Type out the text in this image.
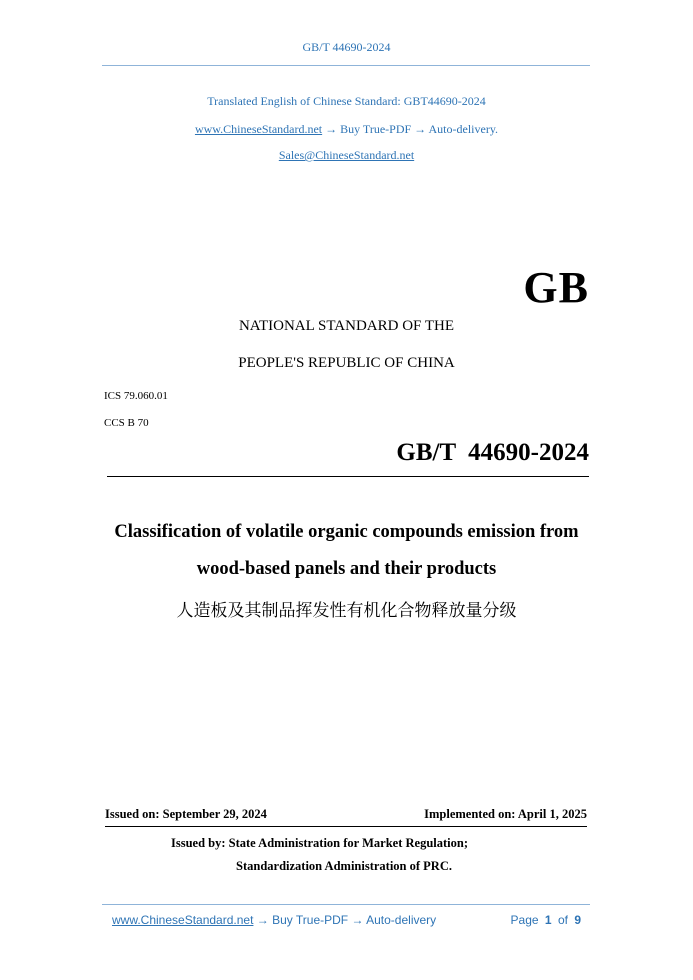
GB/T 44690-2024
Translated English of Chinese Standard: GBT44690-2024
www.ChineseStandard.net → Buy True-PDF → Auto-delivery.
Sales@ChineseStandard.net
GB
NATIONAL STANDARD OF THE
PEOPLE'S REPUBLIC OF CHINA
ICS 79.060.01
CCS B 70
GB/T  44690-2024
Classification of volatile organic compounds emission from
wood-based panels and their products
人造板及其制品挥发性有机化合物释放量分级
Issued on: September 29, 2024	Implemented on: April 1, 2025
Issued by: State Administration for Market Regulation;
Standardization Administration of PRC.
www.ChineseStandard.net → Buy True-PDF → Auto-delivery	Page 1 of 9
